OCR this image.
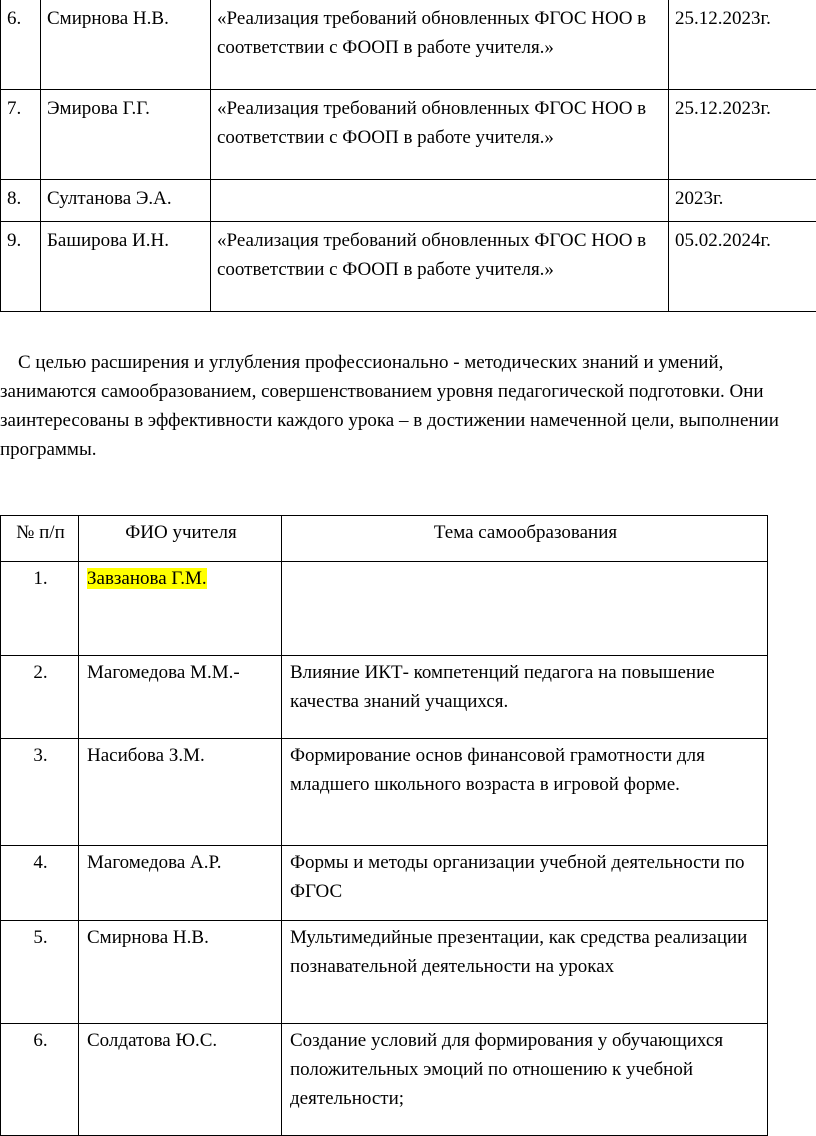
6.	Смирнова Н.В.	«Реализация требований обновленных ФГОС НОО в соответствии с ФООП в работе учителя.»	25.12.2023г.
7.	Эмирова Г.Г.	«Реализация требований обновленных ФГОС НОО в соответствии с ФООП в работе учителя.»	25.12.2023г.
8.	Султанова Э.А.		2023г.
9.	Баширова И.Н.	«Реализация требований обновленных ФГОС НОО в соответствии с ФООП в работе учителя.»	05.02.2024г.

С целью расширения и углубления профессионально - методических знаний и умений, занимаются самообразованием, совершенствованием уровня педагогической подготовки. Они заинтересованы в эффективности каждого урока – в достижении намеченной цели, выполнении программы.

№ п/п	ФИО учителя	Тема самообразования
1.	Завзанова Г.М.	
2.	Магомедова М.М.-	Влияние ИКТ- компетенций педагога на повышение качества знаний учащихся.
3.	Насибова З.М.	Формирование основ финансовой грамотности для младшего школьного возраста в игровой форме.
4.	Магомедова А.Р.	Формы и методы организации учебной деятельности по ФГОС
5.	Смирнова Н.В.	Мультимедийные презентации, как средства реализации познавательной деятельности на уроках
6.	Солдатова Ю.С.	Создание условий для формирования у обучающихся положительных эмоций по отношению к учебной деятельности;
